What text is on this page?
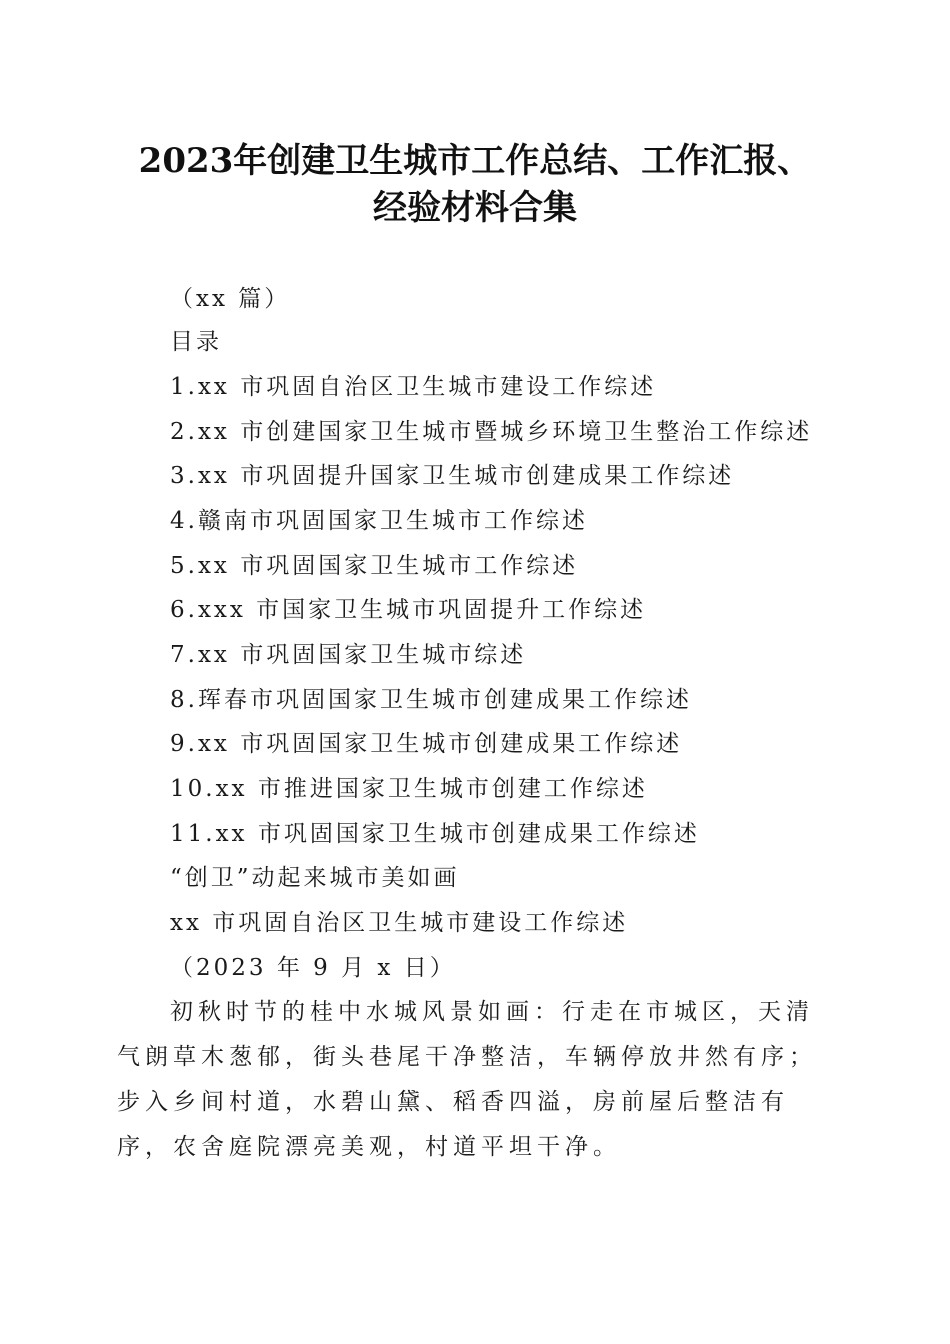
2023年创建卫生城市工作总结、工作汇报、
经验材料合集
（xx 篇）
目录
1.xx 市巩固自治区卫生城市建设工作综述
2.xx 市创建国家卫生城市暨城乡环境卫生整治工作综述
3.xx 市巩固提升国家卫生城市创建成果工作综述
4.赣南市巩固国家卫生城市工作综述
5.xx 市巩固国家卫生城市工作综述
6.xxx 市国家卫生城市巩固提升工作综述
7.xx 市巩固国家卫生城市综述
8.珲春市巩固国家卫生城市创建成果工作综述
9.xx 市巩固国家卫生城市创建成果工作综述
10.xx 市推进国家卫生城市创建工作综述
11.xx 市巩固国家卫生城市创建成果工作综述
“创卫”动起来城市美如画
xx 市巩固自治区卫生城市建设工作综述
（2023 年 9 月 x 日）
初秋时节的桂中水城风景如画：行走在市城区，天清气朗草木葱郁，街头巷尾干净整洁，车辆停放井然有序；步入乡间村道，水碧山黛、稻香四溢，房前屋后整洁有序，农舍庭院漂亮美观，村道平坦干净。
